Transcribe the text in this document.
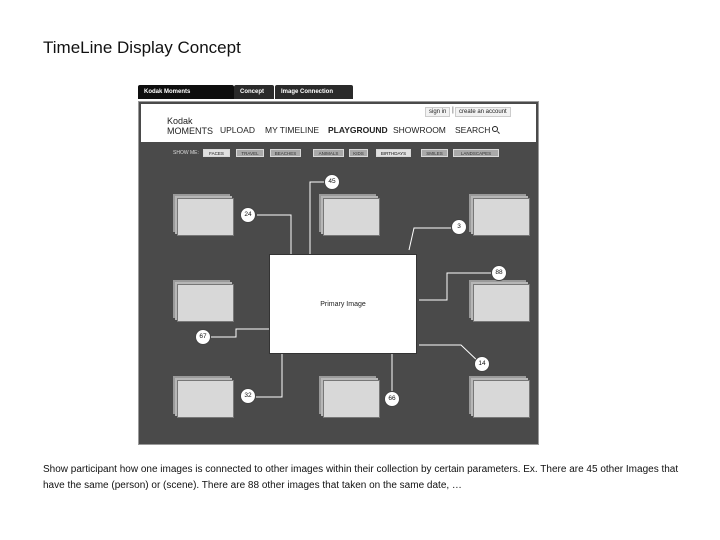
TimeLine Display Concept
Kodak Moments	Concept	Image Connection
Kodak
MOMENTS
sign in | create an account
UPLOAD MY TIMELINE PLAYGROUND SHOWROOM SEARCH
SHOW ME:	FACES	TRAVEL	BEACHES	ANIMALS	KIDS	BIRTHDAYS	SMILES	LANDSCAPES
Primary Image
45
24
3
88
67
14
32	66
Show participant how one images is connected to other images within their collection by certain parameters. Ex. There are 45 other Images that have the same (person) or (scene). There are 88 other images that taken on the same date, …
